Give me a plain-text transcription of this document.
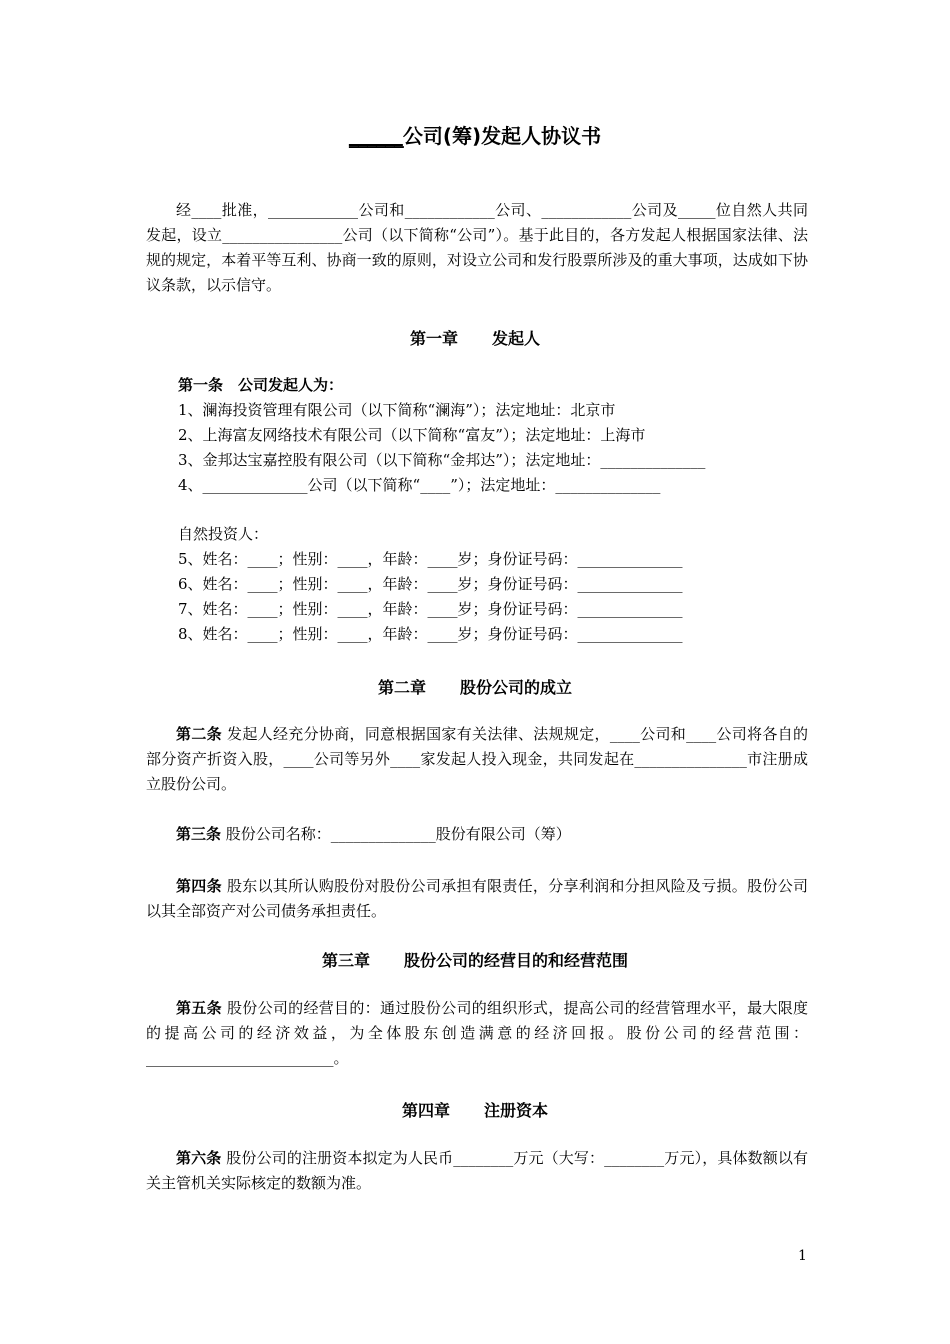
______公司(筹)发起人协议书
经____批准，____________公司和____________公司、____________公司及_____位自然人共同发起，设立________________公司（以下简称“公司”）。基于此目的，各方发起人根据国家法律、法规的规定，本着平等互利、协商一致的原则，对设立公司和发行股票所涉及的重大事项，达成如下协议条款，以示信守。
第一章 发起人
第一条　公司发起人为：
1、澜海投资管理有限公司（以下简称“澜海”）；法定地址：北京市
2、上海富友网络技术有限公司（以下简称“富友”）；法定地址：上海市
3、金邦达宝嘉控股有限公司（以下简称“金邦达”）；法定地址：______________
4、______________公司（以下简称“____”）；法定地址：______________
自然投资人：
5、姓名：____；性别：____，年龄：____岁；身份证号码：______________
6、姓名：____；性别：____，年龄：____岁；身份证号码：______________
7、姓名：____；性别：____，年龄：____岁；身份证号码：______________
8、姓名：____；性别：____，年龄：____岁；身份证号码：______________
第二章 股份公司的成立
第二条 发起人经充分协商，同意根据国家有关法律、法规规定，____公司和____公司将各自的部分资产折资入股，____公司等另外____家发起人投入现金，共同发起在_______________市注册成立股份公司。
第三条 股份公司名称：______________股份有限公司（筹）
第四条 股东以其所认购股份对股份公司承担有限责任，分享利润和分担风险及亏损。股份公司以其全部资产对公司债务承担责任。
第三章 股份公司的经营目的和经营范围
第五条 股份公司的经营目的：通过股份公司的组织形式，提高公司的经营管理水平，最大限度的提高公司的经济效益，为全体股东创造满意的经济回报。股份公司的经营范围：_________________________。
第四章 注册资本
第六条 股份公司的注册资本拟定为人民币________万元（大写：________万元），具体数额以有关主管机关实际核定的数额为准。
1
